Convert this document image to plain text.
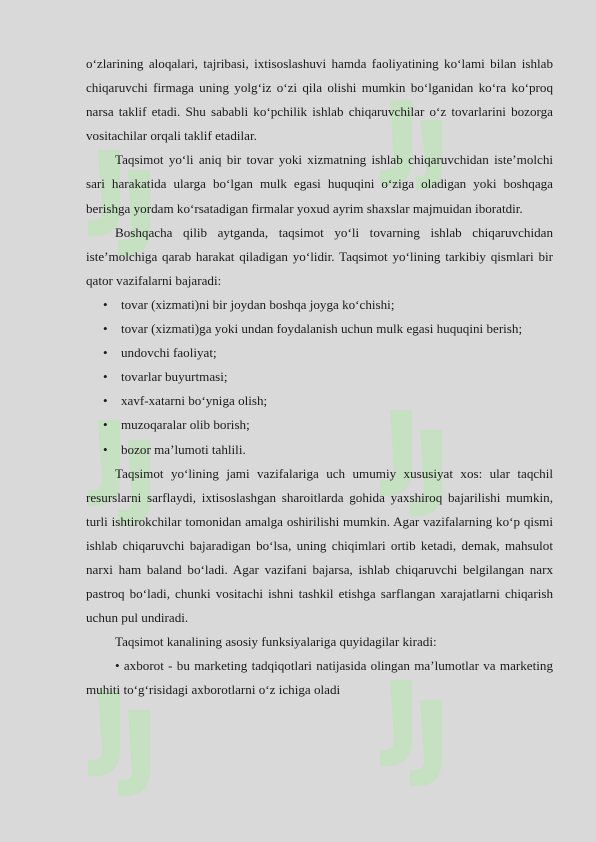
o‘zlarining aloqalari, tajribasi, ixtisoslashuvi hamda faoliyatining ko‘lami bilan ishlab chiqaruvchi firmaga uning yolg‘iz o‘zi qila olishi mumkin bo‘lganidan ko‘ra ko‘proq narsa taklif etadi. Shu sababli ko‘pchilik ishlab chiqaruvchilar o‘z tovarlarini bozorga vositachilar orqali taklif etadilar.

Taqsimot yo‘li aniq bir tovar yoki xizmatning ishlab chiqaruvchidan iste’molchi sari harakatida ularga bo‘lgan mulk egasi huquqini o‘ziga oladigan yoki boshqaga berishga yordam ko‘rsatadigan firmalar yoxud ayrim shaxslar majmuidan iboratdir.

Boshqacha qilib aytganda, taqsimot yo‘li tovarning ishlab chiqaruvchidan iste’molchiga qarab harakat qiladigan yo‘lidir. Taqsimot yo‘lining tarkibiy qismlari bir qator vazifalarni bajaradi:

• tovar (xizmati)ni bir joydan boshqa joyga ko‘chishi;
• tovar (xizmati)ga yoki undan foydalanish uchun mulk egasi huquqini berish;
• undovchi faoliyat;
• tovarlar buyurtmasi;
• xavf-xatarni bo‘yniga olish;
• muzoqaralar olib borish;
• bozor ma’lumoti tahlili.

Taqsimot yo‘lining jami vazifalariga uch umumiy xususiyat xos: ular taqchil resurslarni sarflaydi, ixtisoslashgan sharoitlarda gohida yaxshiroq bajarilishi mumkin, turli ishtirokchilar tomonidan amalga oshirilishi mumkin. Agar vazifalarning ko‘p qismi ishlab chiqaruvchi bajaradigan bo‘lsa, uning chiqimlari ortib ketadi, demak, mahsulot narxi ham baland bo‘ladi. Agar vazifani bajarsa, ishlab chiqaruvchi belgilangan narx pastroq bo‘ladi, chunki vositachi ishni tashkil etishga sarflangan xarajatlarni chiqarish uchun pul undiradi.

Taqsimot kanalining asosiy funksiyalariga quyidagilar kiradi:

• axborot - bu marketing tadqiqotlari natijasida olingan ma’lumotlar va marketing muhiti to‘g‘risidagi axborotlarni o‘z ichiga oladi
